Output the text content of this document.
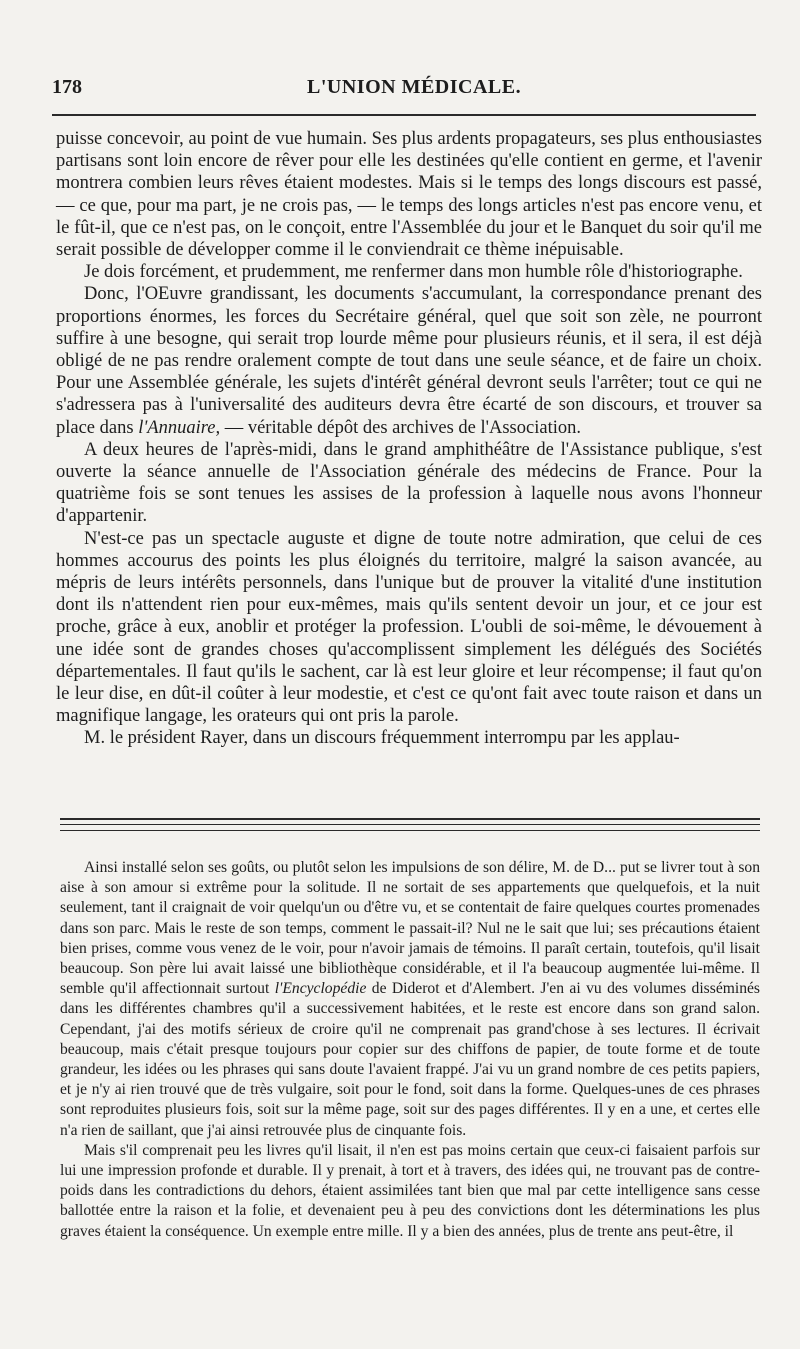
178	L'UNION MÉDICALE.

puisse concevoir, au point de vue humain. Ses plus ardents propagateurs, ses plus enthousiastes partisans sont loin encore de rêver pour elle les destinées qu'elle contient en germe, et l'avenir montrera combien leurs rêves étaient modestes. Mais si le temps des longs discours est passé, — ce que, pour ma part, je ne crois pas, — le temps des longs articles n'est pas encore venu, et le fût-il, que ce n'est pas, on le conçoit, entre l'Assemblée du jour et le Banquet du soir qu'il me serait possible de développer comme il le conviendrait ce thème inépuisable.

Je dois forcément, et prudemment, me renfermer dans mon humble rôle d'historiographe.

Donc, l'OEuvre grandissant, les documents s'accumulant, la correspondance prenant des proportions énormes, les forces du Secrétaire général, quel que soit son zèle, ne pourront suffire à une besogne, qui serait trop lourde même pour plusieurs réunis, et il sera, il est déjà obligé de ne pas rendre oralement compte de tout dans une seule séance, et de faire un choix. Pour une Assemblée générale, les sujets d'intérêt général devront seuls l'arrêter; tout ce qui ne s'adressera pas à l'universalité des auditeurs devra être écarté de son discours, et trouver sa place dans l'Annuaire, — véritable dépôt des archives de l'Association.

A deux heures de l'après-midi, dans le grand amphithéâtre de l'Assistance publique, s'est ouverte la séance annuelle de l'Association générale des médecins de France. Pour la quatrième fois se sont tenues les assises de la profession à laquelle nous avons l'honneur d'appartenir.

N'est-ce pas un spectacle auguste et digne de toute notre admiration, que celui de ces hommes accourus des points les plus éloignés du territoire, malgré la saison avancée, au mépris de leurs intérêts personnels, dans l'unique but de prouver la vitalité d'une institution dont ils n'attendent rien pour eux-mêmes, mais qu'ils sentent devoir un jour, et ce jour est proche, grâce à eux, anoblir et protéger la profession. L'oubli de soi-même, le dévouement à une idée sont de grandes choses qu'accomplissent simplement les délégués des Sociétés départementales. Il faut qu'ils le sachent, car là est leur gloire et leur récompense; il faut qu'on le leur dise, en dût-il coûter à leur modestie, et c'est ce qu'ont fait avec toute raison et dans un magnifique langage, les orateurs qui ont pris la parole.

M. le président Rayer, dans un discours fréquemment interrompu par les applau-

Ainsi installé selon ses goûts, ou plutôt selon les impulsions de son délire, M. de D... put se livrer tout à son aise à son amour si extrême pour la solitude. Il ne sortait de ses appartements que quelquefois, et la nuit seulement, tant il craignait de voir quelqu'un ou d'être vu, et se contentait de faire quelques courtes promenades dans son parc. Mais le reste de son temps, comment le passait-il? Nul ne le sait que lui; ses précautions étaient bien prises, comme vous venez de le voir, pour n'avoir jamais de témoins. Il paraît certain, toutefois, qu'il lisait beaucoup. Son père lui avait laissé une bibliothèque considérable, et il l'a beaucoup augmentée lui-même. Il semble qu'il affectionnait surtout l'Encyclopédie de Diderot et d'Alembert. J'en ai vu des volumes disséminés dans les différentes chambres qu'il a successivement habitées, et le reste est encore dans son grand salon. Cependant, j'ai des motifs sérieux de croire qu'il ne comprenait pas grand'chose à ses lectures. Il écrivait beaucoup, mais c'était presque toujours pour copier sur des chiffons de papier, de toute forme et de toute grandeur, les idées ou les phrases qui sans doute l'avaient frappé. J'ai vu un grand nombre de ces petits papiers, et je n'y ai rien trouvé que de très vulgaire, soit pour le fond, soit dans la forme. Quelques-unes de ces phrases sont reproduites plusieurs fois, soit sur la même page, soit sur des pages différentes. Il y en a une, et certes elle n'a rien de saillant, que j'ai ainsi retrouvée plus de cinquante fois.

Mais s'il comprenait peu les livres qu'il lisait, il n'en est pas moins certain que ceux-ci faisaient parfois sur lui une impression profonde et durable. Il y prenait, à tort et à travers, des idées qui, ne trouvant pas de contre-poids dans les contradictions du dehors, étaient assimilées tant bien que mal par cette intelligence sans cesse ballottée entre la raison et la folie, et devenaient peu à peu des convictions dont les déterminations les plus graves étaient la conséquence. Un exemple entre mille. Il y a bien des années, plus de trente ans peut-être, il
